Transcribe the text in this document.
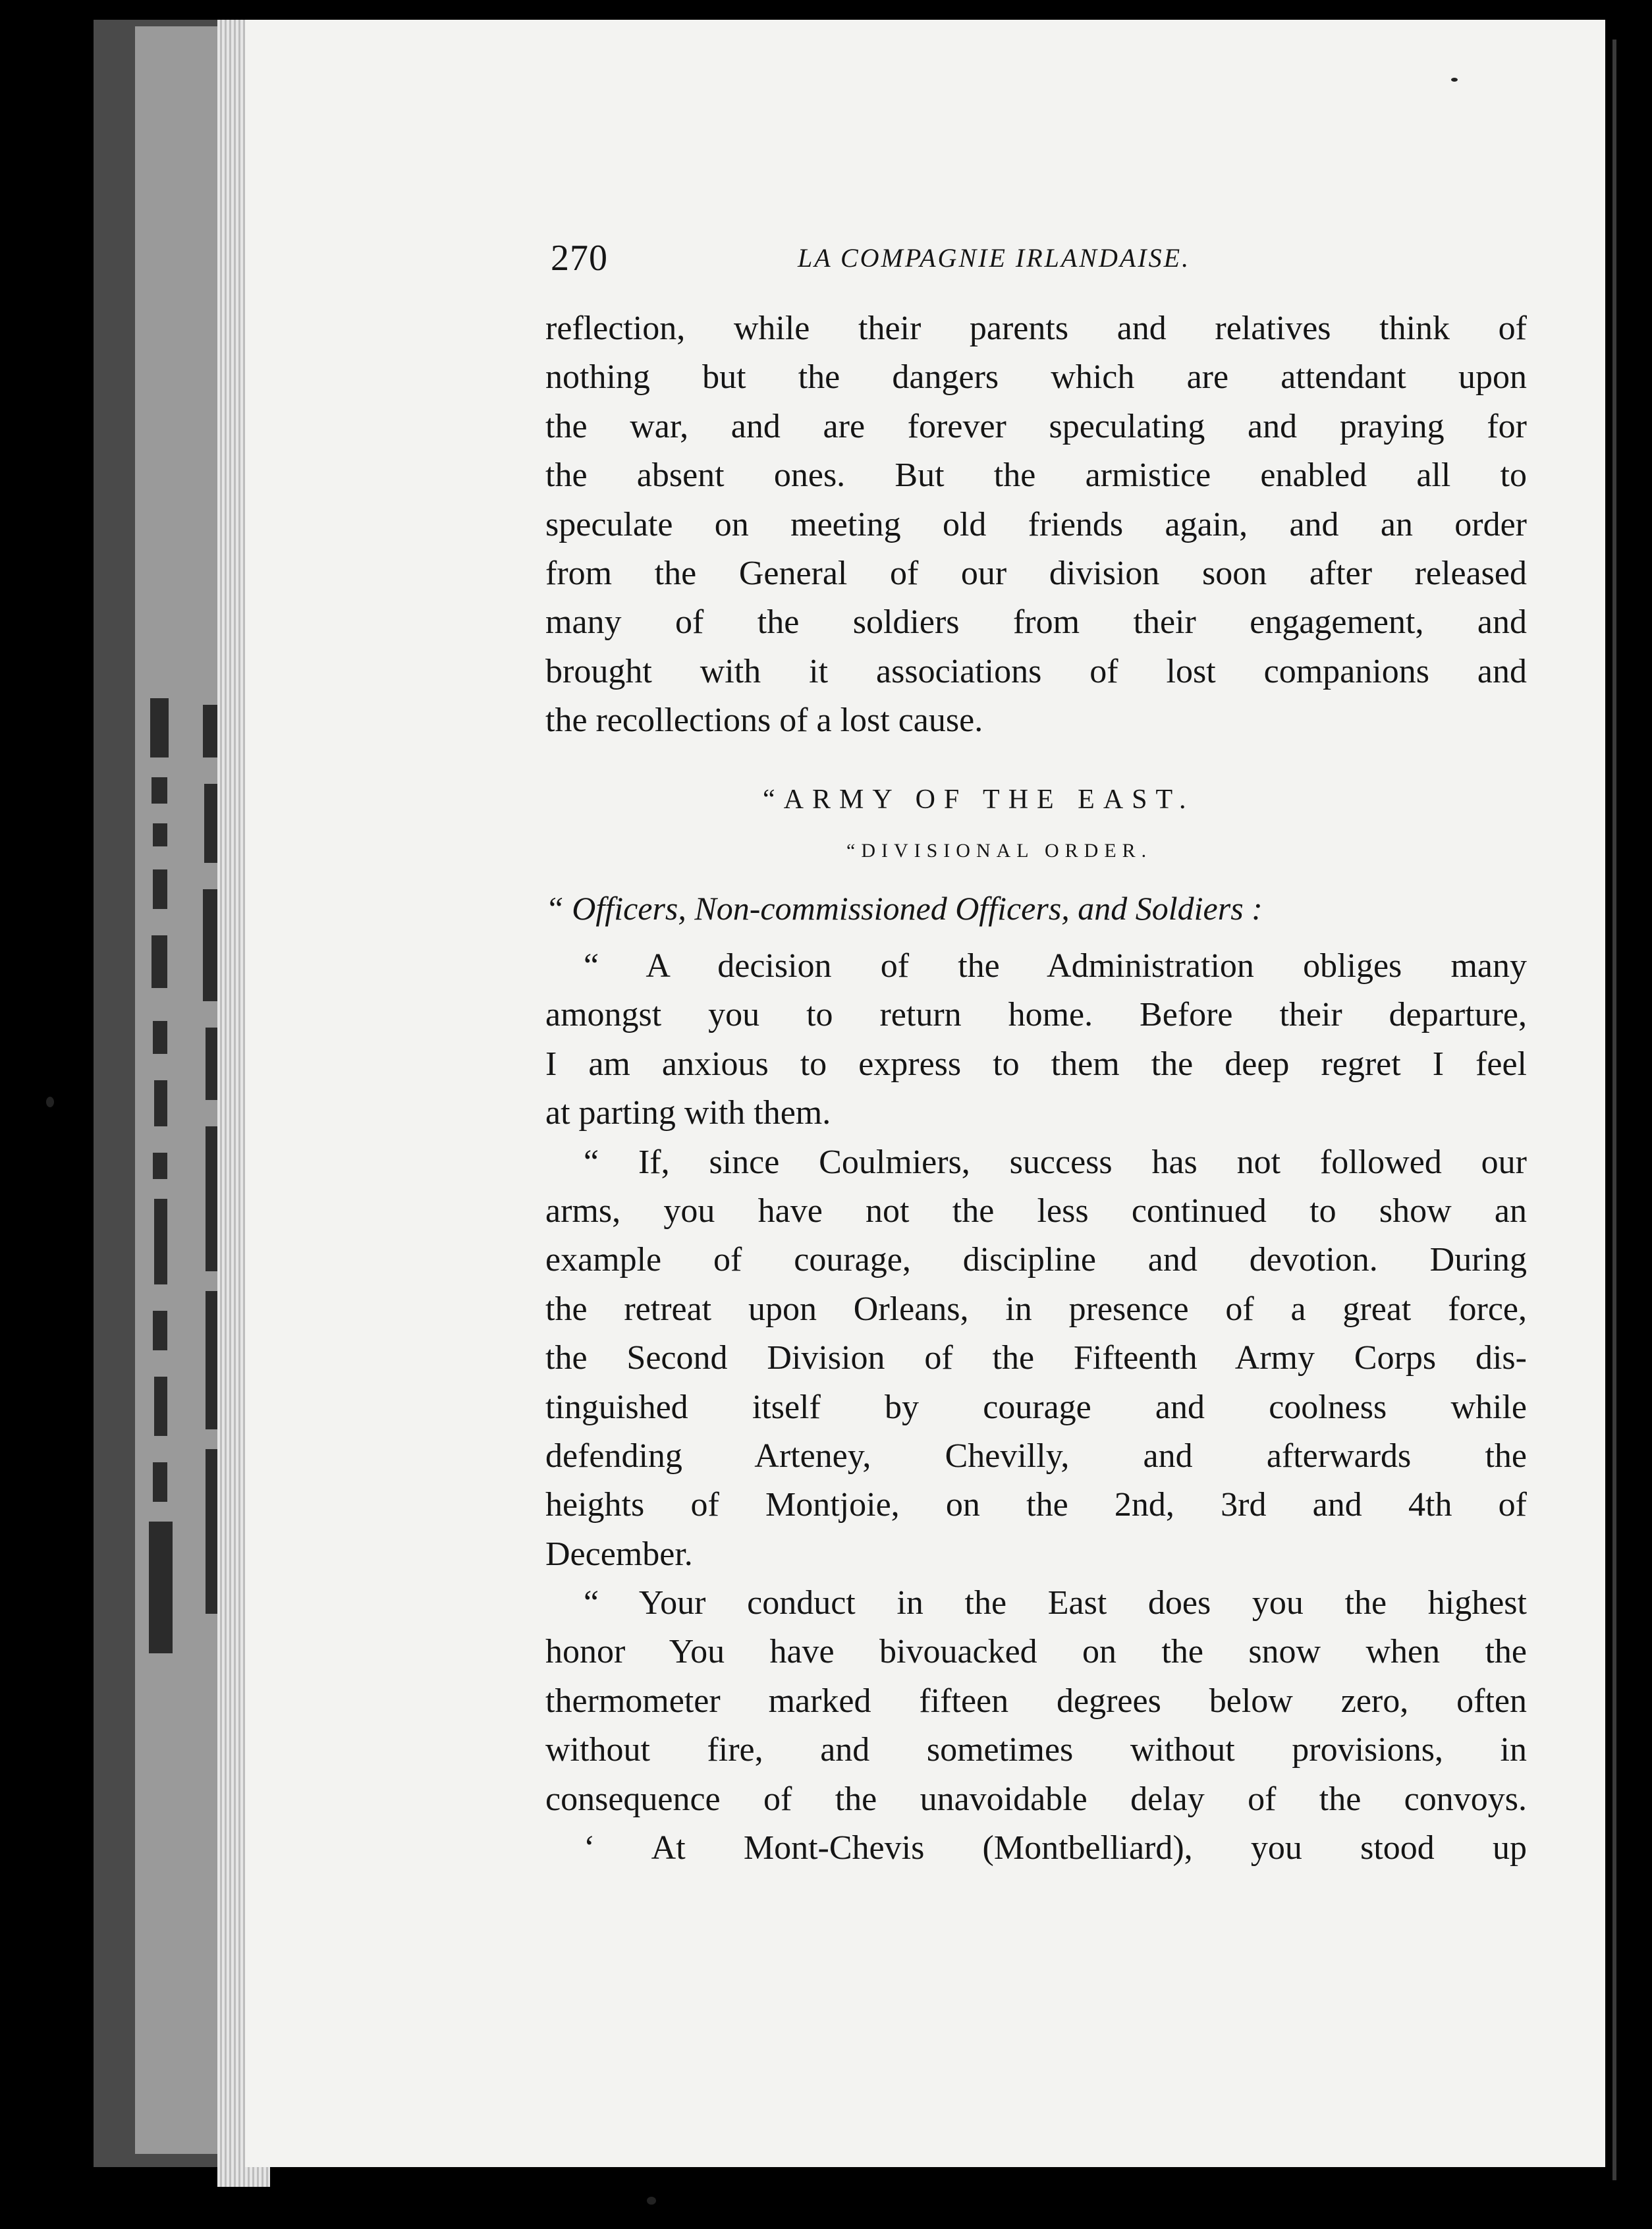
270	LA COMPAGNIE IRLANDAISE.
reflection, while their parents and relatives think of
nothing but the dangers which are attendant upon
the war, and are forever speculating and praying for
the absent ones. But the armistice enabled all to
speculate on meeting old friends again, and an order
from the General of our division soon after released
many of the soldiers from their engagement, and
brought with it associations of lost companions and
the recollections of a lost cause.
“ARMY OF THE EAST.
“DIVISIONAL ORDER.
“ Officers, Non-commissioned Officers, and Soldiers :
“ A decision of the Administration obliges many
amongst you to return home. Before their departure,
I am anxious to express to them the deep regret I feel
at parting with them.
“ If, since Coulmiers, success has not followed our
arms, you have not the less continued to show an
example of courage, discipline and devotion. During
the retreat upon Orleans, in presence of a great force,
the Second Division of the Fifteenth Army Corps dis-
tinguished itself by courage and coolness while
defending Arteney, Chevilly, and afterwards the
heights of Montjoie, on the 2nd, 3rd and 4th of
December.
“ Your conduct in the East does you the highest
honor You have bivouacked on the snow when the
thermometer marked fifteen degrees below zero, often
without fire, and sometimes without provisions, in
consequence of the unavoidable delay of the convoys.
‘ At Mont-Chevis (Montbelliard), you stood up
